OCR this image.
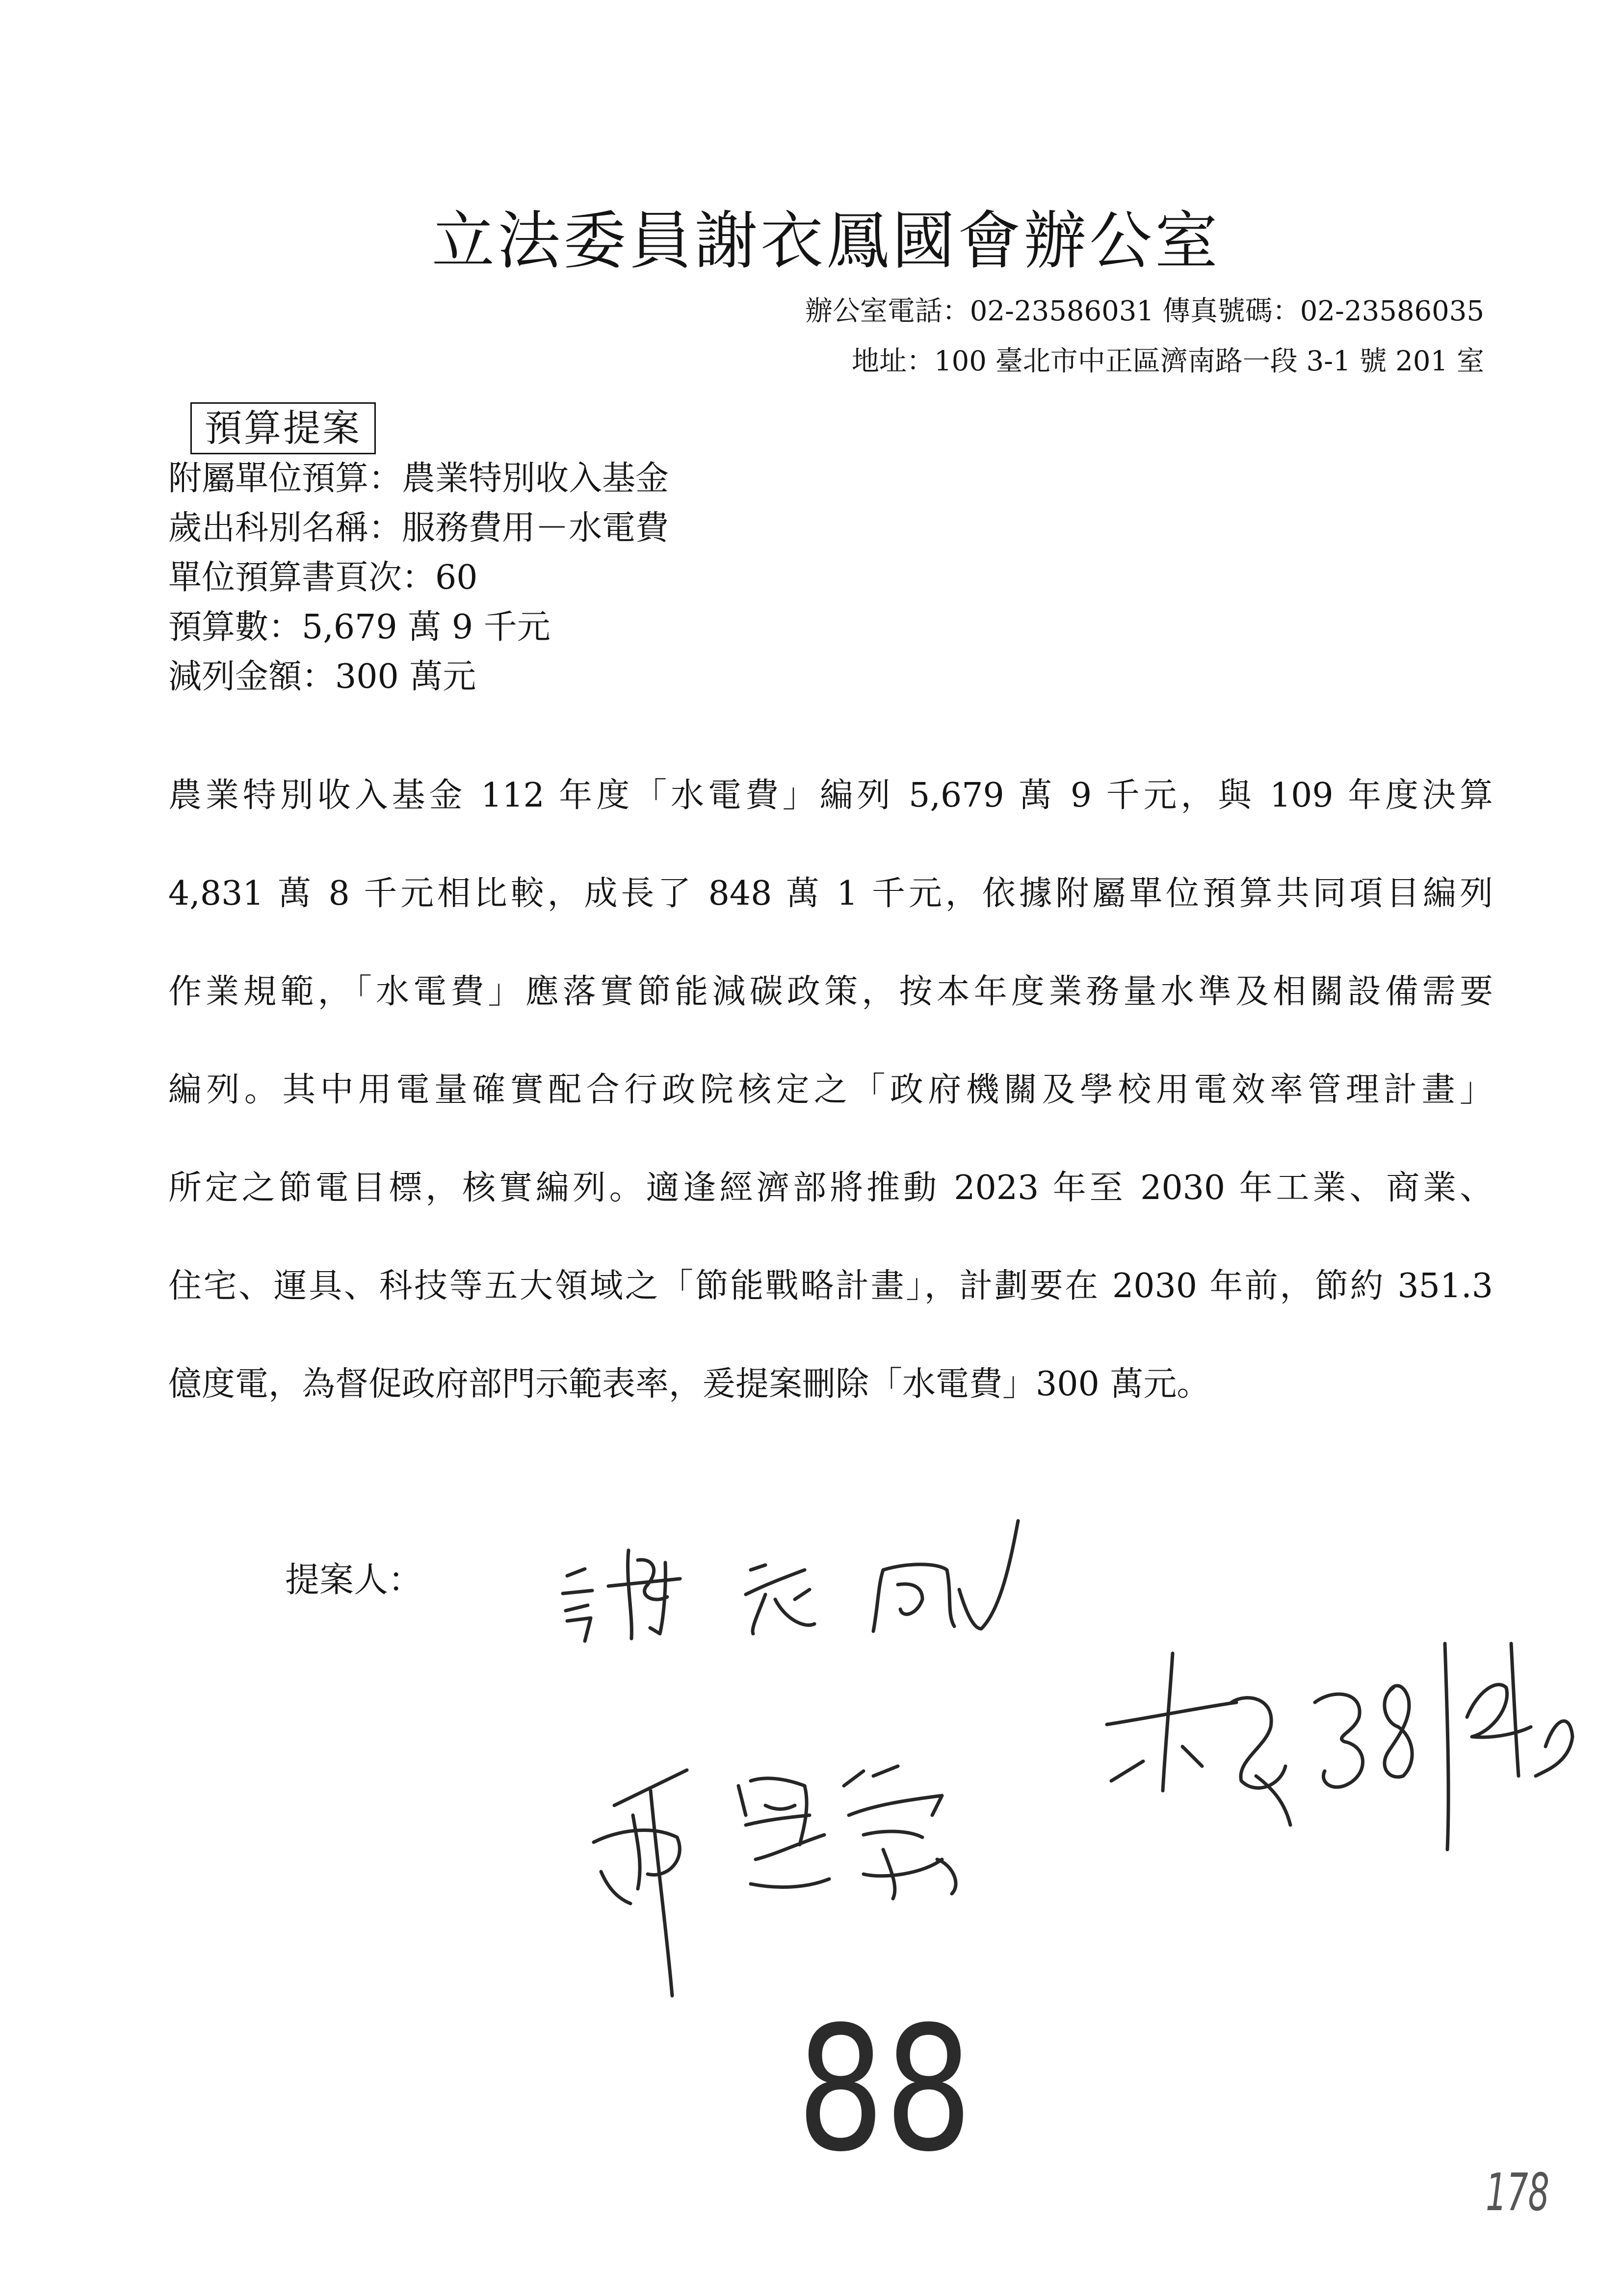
立法委員謝衣鳳國會辦公室
辦公室電話：02-23586031 傳真號碼：02-23586035
地址：100 臺北市中正區濟南路一段 3-1 號 201 室
預算提案
附屬單位預算：農業特別收入基金
歲出科別名稱：服務費用－水電費
單位預算書頁次：60
預算數：5,679 萬 9 千元
減列金額：300 萬元
農業特別收入基金 112 年度「水電費」編列 5,679 萬 9 千元，與 109 年度決算
4,831 萬 8 千元相比較，成長了 848 萬 1 千元，依據附屬單位預算共同項目編列
作業規範，「水電費」應落實節能減碳政策，按本年度業務量水準及相關設備需要
編列。其中用電量確實配合行政院核定之「政府機關及學校用電效率管理計畫」
所定之節電目標，核實編列。適逢經濟部將推動 2023 年至 2030 年工業、商業、
住宅、運具、科技等五大領域之「節能戰略計畫」，計劃要在 2030 年前，節約 351.3
億度電，為督促政府部門示範表率，爰提案刪除「水電費」300 萬元。
提案人：
88
178
